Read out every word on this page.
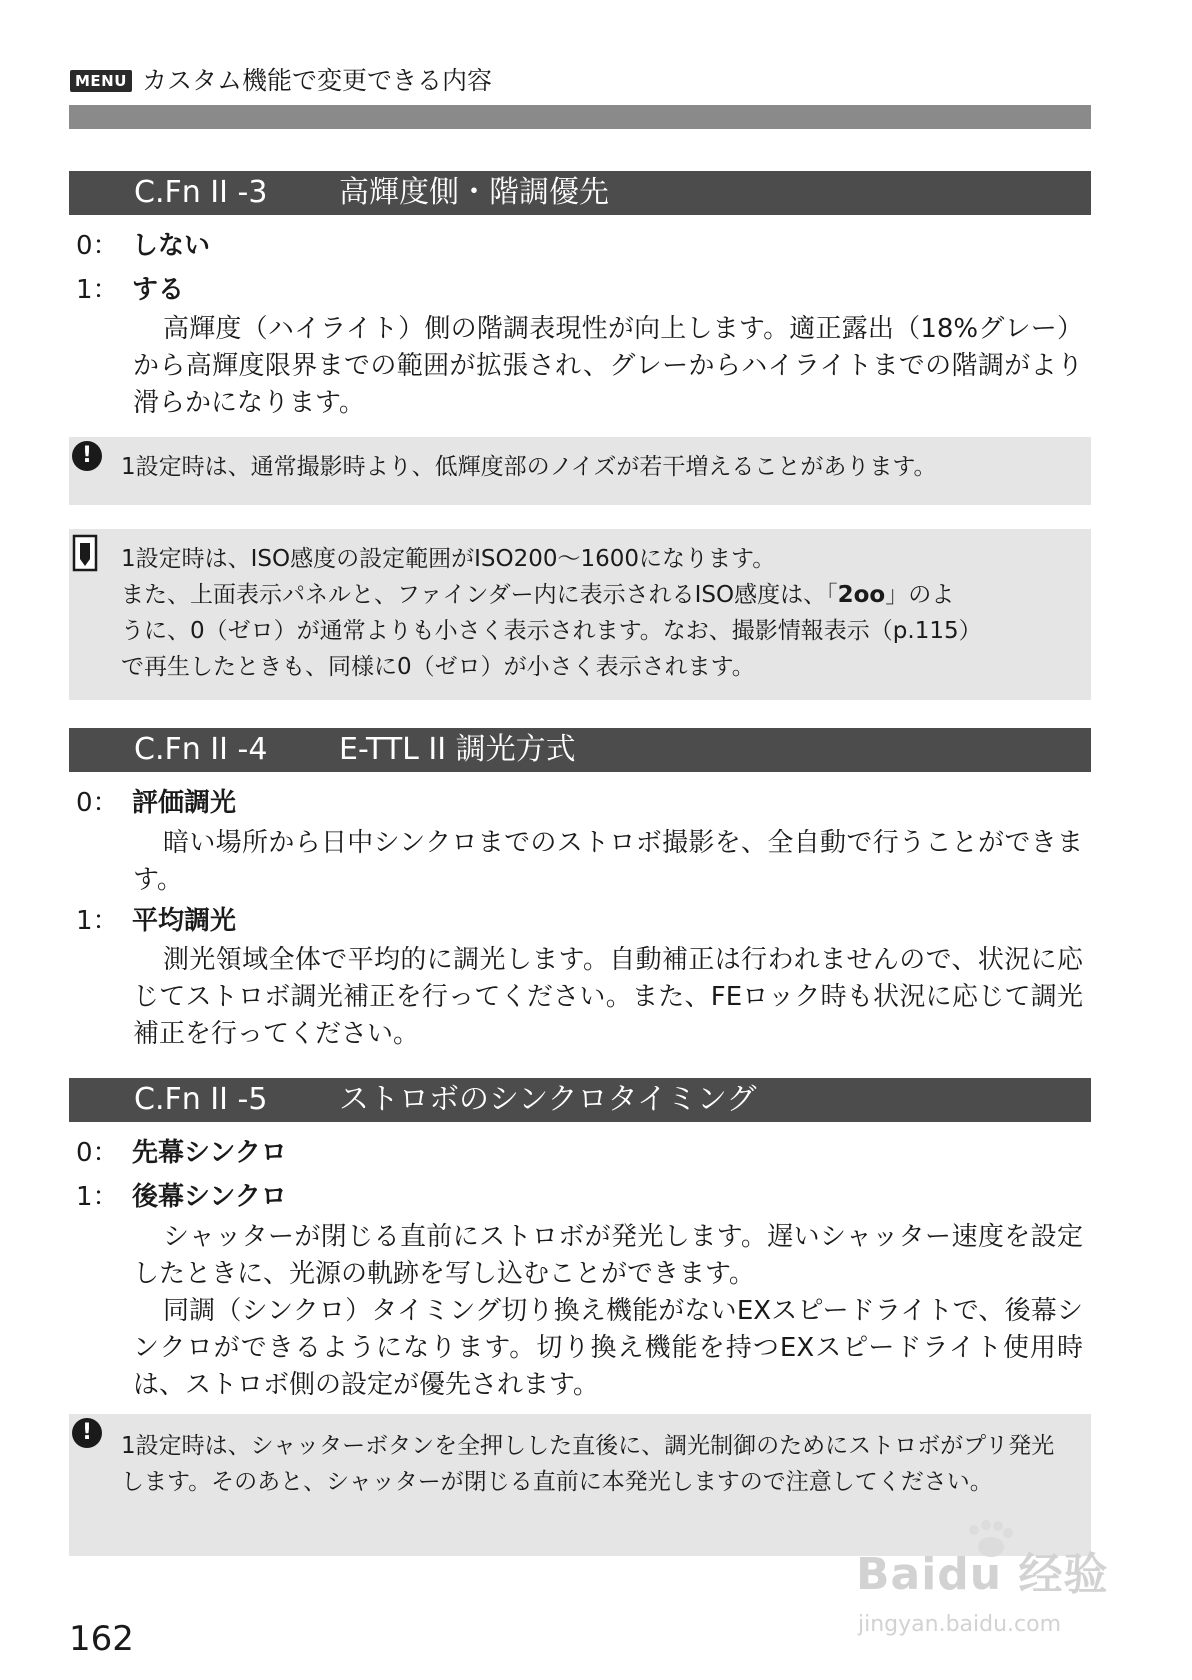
MENU カスタム機能で変更できる内容
C.Fn II -3 高輝度側・階調優先
0： しない
1： する
高輝度（ハイライト）側の階調表現性が向上します。適正露出（18%グレー）から高輝度限界までの範囲が拡張され、グレーからハイライトまでの階調がより滑らかになります。
!	1設定時は、通常撮影時より、低輝度部のノイズが若干増えることがあります。
1設定時は、ISO感度の設定範囲がISO200～1600になります。
また、上面表示パネルと、ファインダー内に表示されるISO感度は、「2oo」のよ
うに、0（ゼロ）が通常よりも小さく表示されます。なお、撮影情報表示（p.115）
で再生したときも、同様に0（ゼロ）が小さく表示されます。
C.Fn II -4 E-TTL II 調光方式
0： 評価調光
暗い場所から日中シンクロまでのストロボ撮影を、全自動で行うことができます。
1： 平均調光
測光領域全体で平均的に調光します。自動補正は行われませんので、状況に応じてストロボ調光補正を行ってください。また、FEロック時も状況に応じて調光補正を行ってください。
C.Fn II -5 ストロボのシンクロタイミング
0： 先幕シンクロ
1： 後幕シンクロ
シャッターが閉じる直前にストロボが発光します。遅いシャッター速度を設定したときに、光源の軌跡を写し込むことができます。
同調（シンクロ）タイミング切り換え機能がないEXスピードライトで、後幕シンクロができるようになります。切り換え機能を持つEXスピードライト使用時は、ストロボ側の設定が優先されます。
!
1設定時は、シャッターボタンを全押しした直後に、調光制御のためにストロボがプリ発光します。そのあと、シャッターが閉じる直前に本発光しますので注意してください。
162
Baidu 经验
jingyan.baidu.com
